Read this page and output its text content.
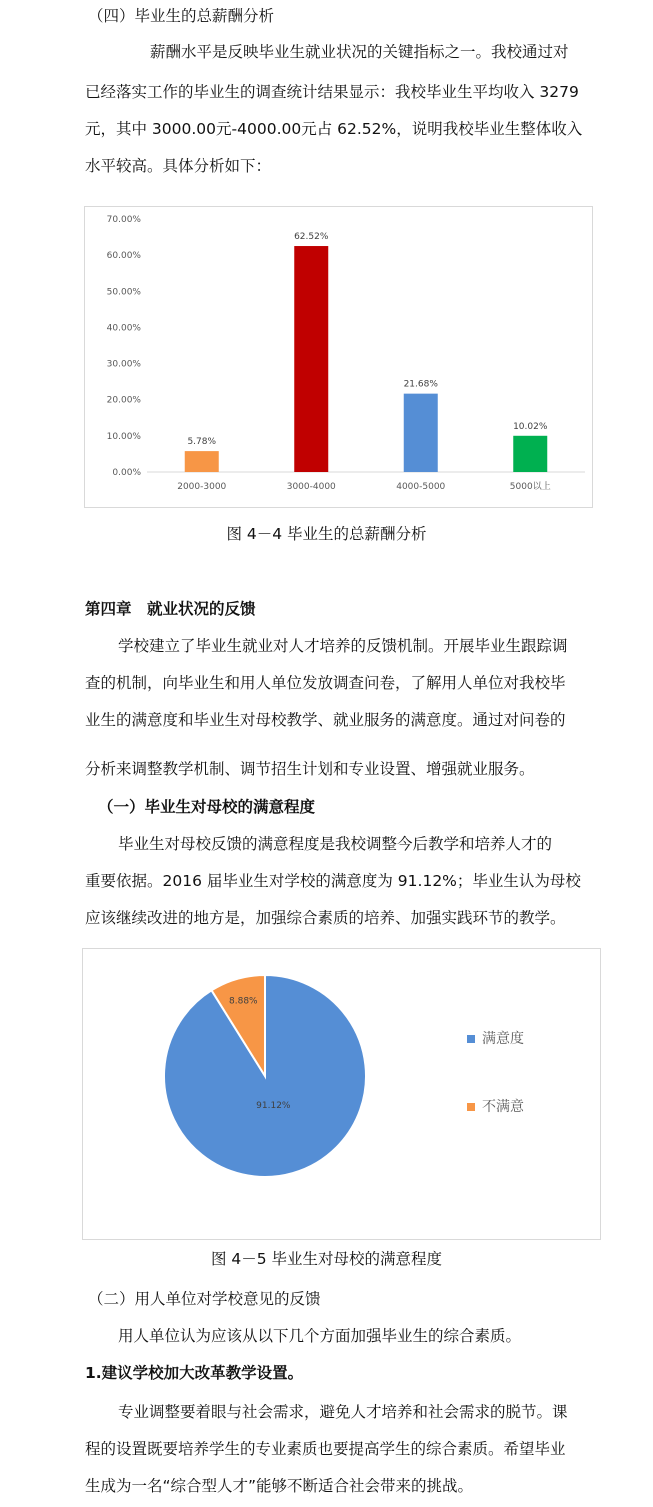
（四）毕业生的总薪酬分析
薪酬水平是反映毕业生就业状况的关键指标之一。我校通过对
已经落实工作的毕业生的调查统计结果显示：我校毕业生平均收入 3279
元，其中 3000.00元-4000.00元占 62.52%，说明我校毕业生整体收入
水平较高。具体分析如下：
0.00%
10.00%
20.00%
30.00%
40.00%
50.00%
60.00%
70.00%
5.78%
2000-3000
62.52%
3000-4000
21.68%
4000-5000
10.02%
5000以上
图 4－4 毕业生的总薪酬分析
第四章　就业状况的反馈
学校建立了毕业生就业对人才培养的反馈机制。开展毕业生跟踪调
查的机制，向毕业生和用人单位发放调查问卷，了解用人单位对我校毕
业生的满意度和毕业生对母校教学、就业服务的满意度。通过对问卷的
分析来调整教学机制、调节招生计划和专业设置、增强就业服务。
（一）毕业生对母校的满意程度
毕业生对母校反馈的满意程度是我校调整今后教学和培养人才的
重要依据。2016 届毕业生对学校的满意度为 91.12%；毕业生认为母校
应该继续改进的地方是，加强综合素质的培养、加强实践环节的教学。
91.12%
8.88%
满意度
不满意
图 4－5 毕业生对母校的满意程度
（二）用人单位对学校意见的反馈
用人单位认为应该从以下几个方面加强毕业生的综合素质。
1.建议学校加大改革教学设置。
专业调整要着眼与社会需求，避免人才培养和社会需求的脱节。课
程的设置既要培养学生的专业素质也要提高学生的综合素质。希望毕业
生成为一名“综合型人才”能够不断适合社会带来的挑战。
